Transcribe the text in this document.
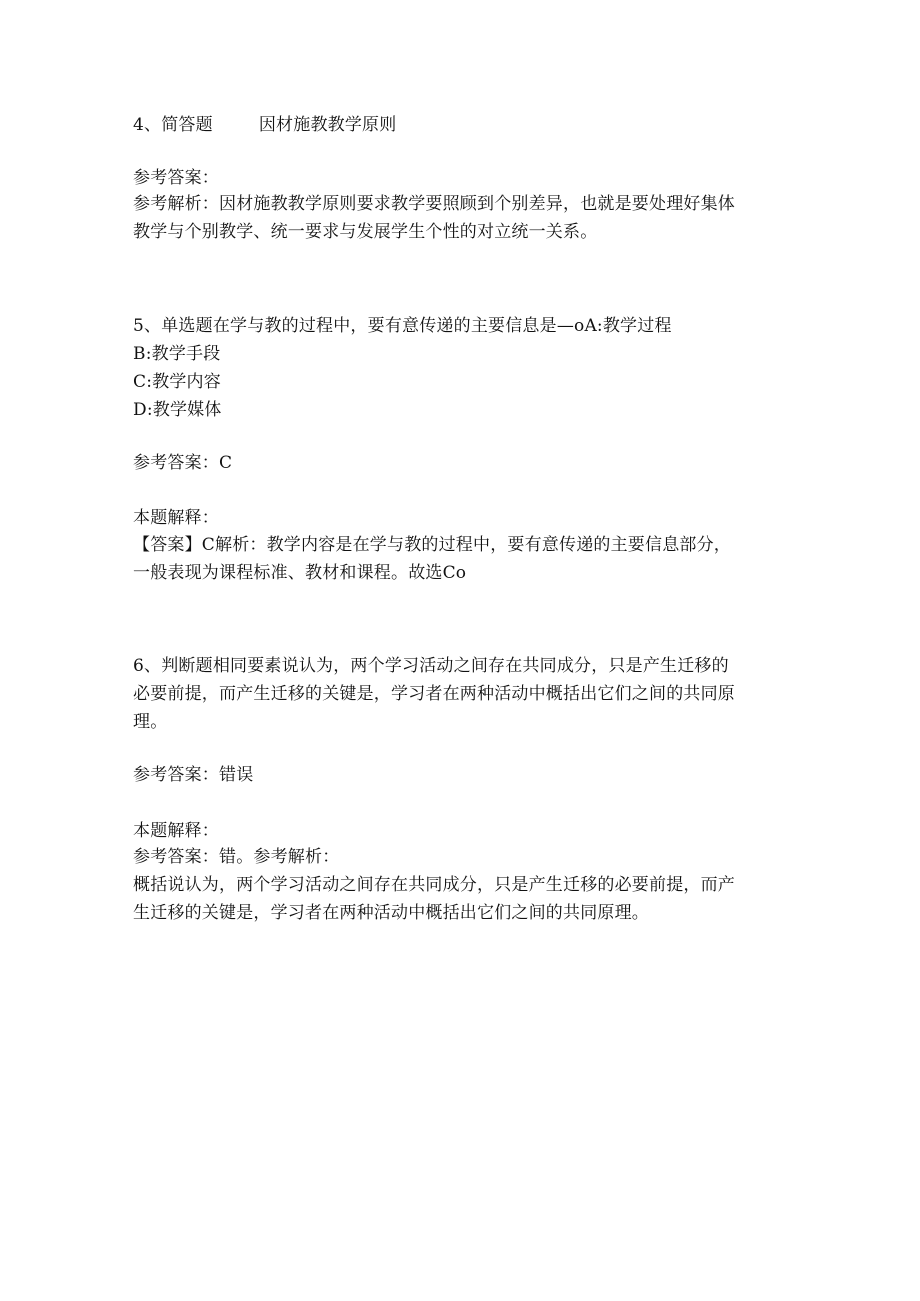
4、简答题	因材施教教学原则
参考答案：
参考解析：因材施教教学原则要求教学要照顾到个别差异，也就是要处理好集体
教学与个别教学、统一要求与发展学生个性的对立统一关系。
5、单选题在学与教的过程中，要有意传递的主要信息是—oA:教学过程
B:教学手段
C:教学内容
D:教学媒体
参考答案：C
本题解释：
【答案】C解析：教学内容是在学与教的过程中，要有意传递的主要信息部分，
一般表现为课程标准、教材和课程。故选Co
6、判断题相同要素说认为，两个学习活动之间存在共同成分，只是产生迁移的
必要前提，而产生迁移的关键是，学习者在两种活动中概括出它们之间的共同原
理。
参考答案：错误
本题解释：
参考答案：错。参考解析：
概括说认为，两个学习活动之间存在共同成分，只是产生迁移的必要前提，而产
生迁移的关键是，学习者在两种活动中概括出它们之间的共同原理。
